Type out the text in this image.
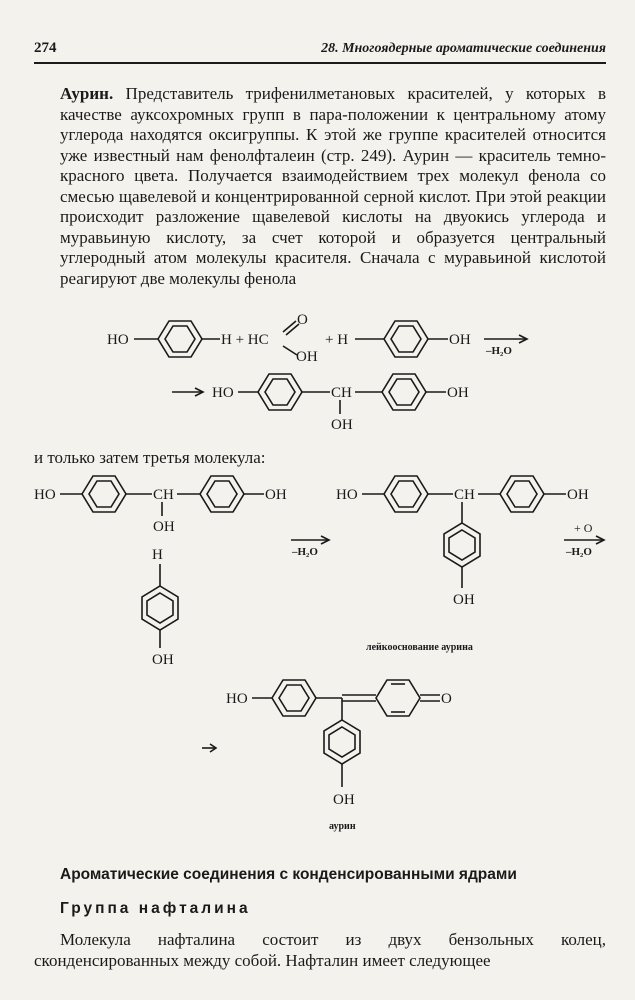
274	28. Многоядерные ароматические соединения
Аурин. Представитель трифенилметановых красителей, у которых в качестве ауксохромных групп в пара-положении к центральному атому углерода находятся оксигруппы. К этой же группе красителей относится уже известный нам фенолфталеин (стр. 249). Аурин — краситель темно-красного цвета. Получается взаимодействием трех молекул фенола со смесью щавелевой и концентрированной серной кислот. При этой реакции происходит разложение щавелевой кислоты на двуокись углерода и муравьиную кислоту, за счет которой и образуется центральный углеродный атом молекулы красителя. Сначала с муравьиной кислотой реагируют две молекулы фенола
HO	H + HC
O
OH
+ H	OH
–H₂O
HO	CH
OH
OH
HO	CH
OH
OH
H
OH
–H₂O
HO	CH
OH
OH
+ O
–H₂O
лейкооснование аурина
HO	O
OH
аурин
и только затем третья молекула:
Ароматические соединения с конденсированными ядрами
Группа нафталина
Молекула нафталина состоит из двух бензольных колец, сконденсированных между собой. Нафталин имеет следующее
